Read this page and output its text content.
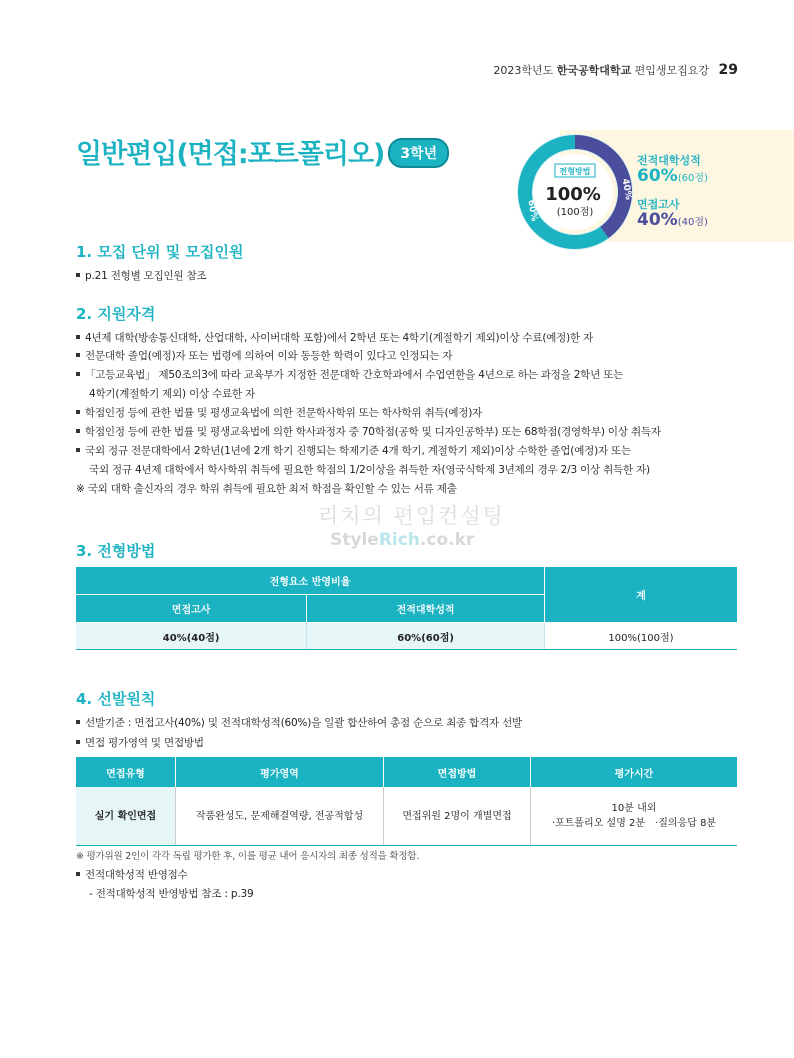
2023학년도 한국공학대학교 편입생모집요강 29
일반편입(면접:포트폴리오) 3학년
60%
40%
전형방법
100%
(100점)
전적대학성적
60%(60점)
면접고사
40%(40점)
1. 모집 단위 및 모집인원
p.21 전형별 모집인원 참조
2. 지원자격
4년제 대학(방송통신대학, 산업대학, 사이버대학 포함)에서 2학년 또는 4학기(계절학기 제외)이상 수료(예정)한 자
전문대학 졸업(예정)자 또는 법령에 의하여 이와 동등한 학력이 있다고 인정되는 자
「고등교육법」 제50조의3에 따라 교육부가 지정한 전문대학 간호학과에서 수업연한을 4년으로 하는 과정을 2학년 또는
4학기(계절학기 제외) 이상 수료한 자
학점인정 등에 관한 법률 및 평생교육법에 의한 전문학사학위 또는 학사학위 취득(예정)자
학점인정 등에 관한 법률 및 평생교육법에 의한 학사과정자 중 70학점(공학 및 디자인공학부) 또는 68학점(경영학부) 이상 취득자
국외 정규 전문대학에서 2학년(1년에 2개 학기 진행되는 학제기준 4개 학기, 계절학기 제외)이상 수학한 졸업(예정)자 또는
국외 정규 4년제 대학에서 학사학위 취득에 필요한 학점의 1/2이상을 취득한 자(영국식학제 3년제의 경우 2/3 이상 취득한 자)
※ 국외 대학 출신자의 경우 학위 취득에 필요한 최저 학점을 확인할 수 있는 서류 제출
리치의 편입컨설팅
StyleRich.co.kr
3. 전형방법
전형요소 반영비율		계
면접고사	전적대학성적	
40%(40점)	60%(60점)	100%(100점)
4. 선발원칙
선발기준 : 면접고사(40%) 및 전적대학성적(60%)을 일괄 합산하여 총점 순으로 최종 합격자 선발
면접 평가영역 및 면접방법
면접유형	평가영역	면접방법	평가시간
실기 확인면접	작품완성도, 문제해결역량, 전공적합성	면접위원 2명이 개별면접	10분 내외
·포트폴리오 설명 2분　·질의응답 8분
※ 평가위원 2인이 각각 독립 평가한 후, 이를 평균 내어 응시자의 최종 성적을 확정함.
전적대학성적 반영점수
- 전적대학성적 반영방법 참조 : p.39
